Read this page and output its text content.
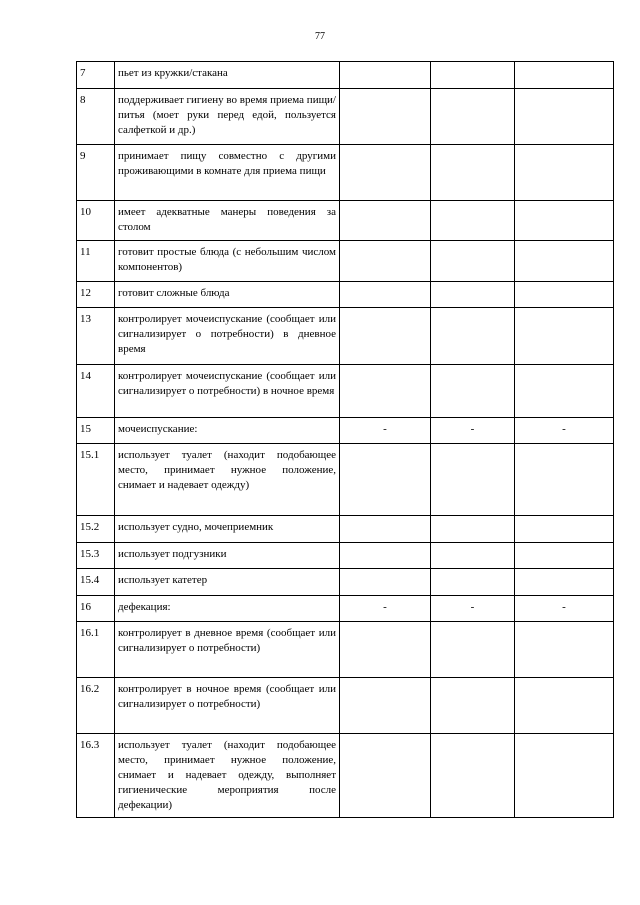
77
7	пьет из кружки/стакана			
8	поддерживает гигиену во время приема пищи/питья (моет руки перед едой, пользуется салфеткой и др.)			
9	принимает пищу совместно с другими проживающими в комнате для приема пищи			
10	имеет адекватные манеры поведения за столом			
11	готовит простые блюда (с небольшим числом компонентов)			
12	готовит сложные блюда			
13	контролирует мочеиспускание (сообщает или сигнализирует о потребности) в дневное время			
14	контролирует мочеиспускание (сообщает или сигнализирует о потребности) в ночное время			
15	мочеиспускание:	-	-	-
15.1	использует туалет (находит подобающее место, принимает нужное положение, снимает и надевает одежду)			
15.2	использует судно, мочеприемник			
15.3	использует подгузники			
15.4	использует катетер			
16	дефекация:	-	-	-
16.1	контролирует в дневное время (сообщает или сигнализирует о потребности)			
16.2	контролирует в ночное время (сообщает или сигнализирует о потребности)			
16.3	использует туалет (находит подобающее место, принимает нужное положение, снимает и надевает одежду, выполняет гигиенические мероприятия после дефекации)			
